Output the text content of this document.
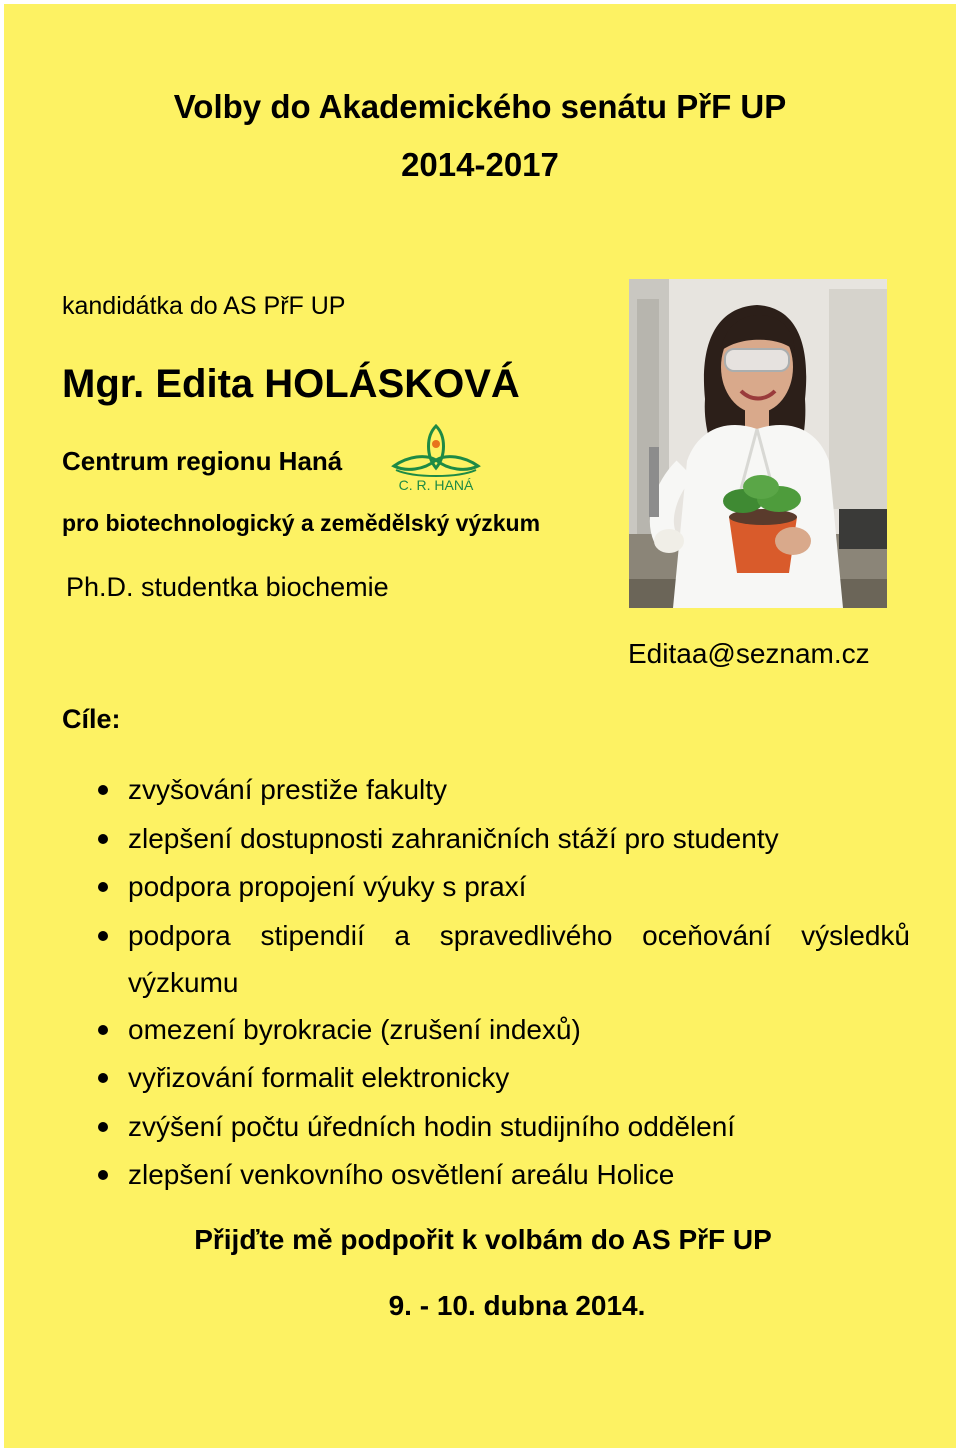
Volby do Akademického senátu PřF UP
2014-2017
kandidátka do AS PřF UP
Mgr. Edita HOLÁSKOVÁ
Centrum regionu Haná
C. R. HANÁ
pro biotechnologický a zemědělský výzkum
Ph.D. studentka biochemie
Editaa@seznam.cz
Cíle:
zvyšování prestiže fakulty
zlepšení dostupnosti zahraničních stáží pro studenty
podpora propojení výuky s praxí
podpora stipendií a spravedlivého oceňování výsledků výzkumu
omezení byrokracie (zrušení indexů)
vyřizování formalit elektronicky
zvýšení počtu úředních hodin studijního oddělení
zlepšení venkovního osvětlení areálu Holice
Přijďte mě podpořit k volbám do AS PřF UP
9. - 10. dubna 2014.
